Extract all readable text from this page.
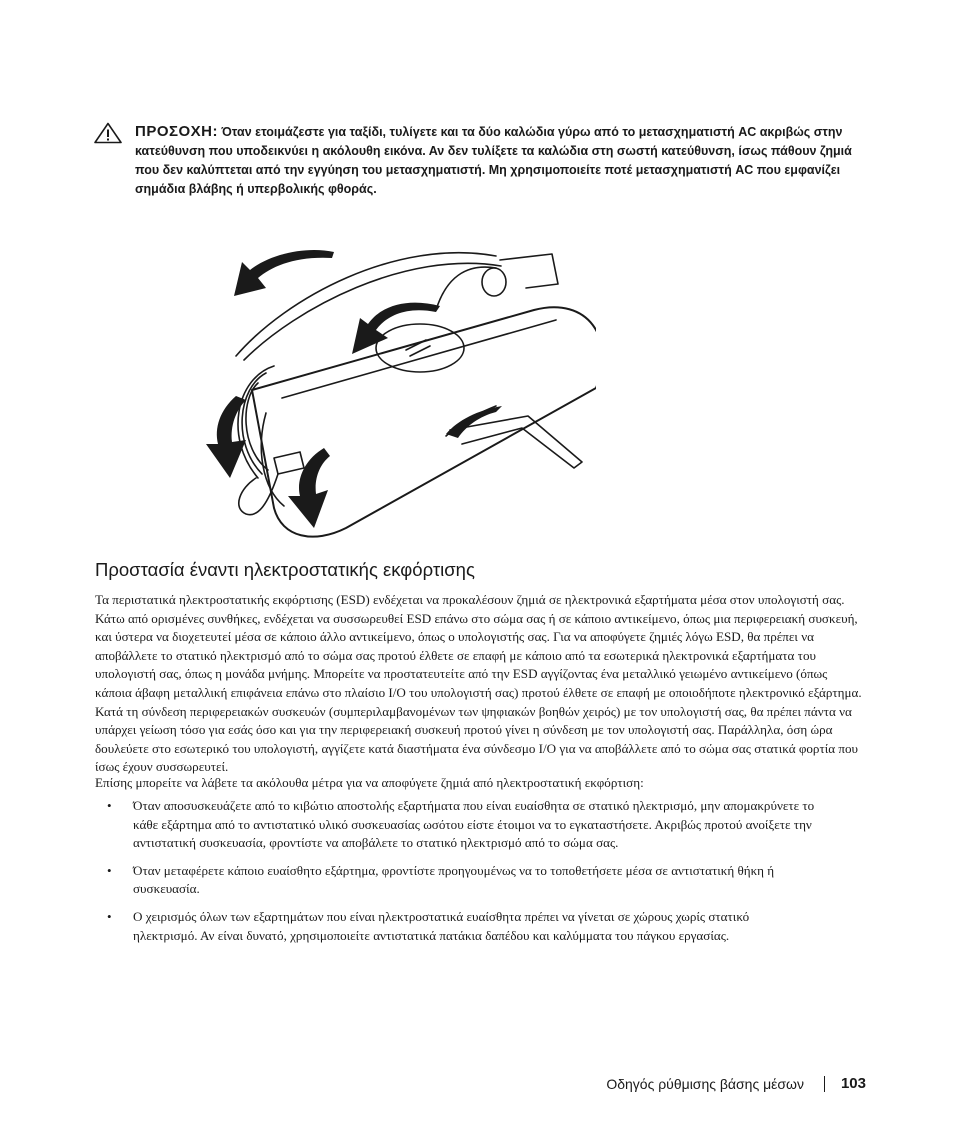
ΠΡΟΣΟΧΗ: Όταν ετοιμάζεστε για ταξίδι, τυλίγετε και τα δύο καλώδια γύρω από το μετασχηματιστή AC ακριβώς στην κατεύθυνση που υποδεικνύει η ακόλουθη εικόνα. Αν δεν τυλίξετε τα καλώδια στη σωστή κατεύθυνση, ίσως πάθουν ζημιά που δεν καλύπτεται από την εγγύηση του μετασχηματιστή. Μη χρησιμοποιείτε ποτέ μετασχηματιστή AC που εμφανίζει σημάδια βλάβης ή υπερβολικής φθοράς.

Προστασία έναντι ηλεκτροστατικής εκφόρτισης

Τα περιστατικά ηλεκτροστατικής εκφόρτισης (ESD) ενδέχεται να προκαλέσουν ζημιά σε ηλεκτρονικά εξαρτήματα μέσα στον υπολογιστή σας. Κάτω από ορισμένες συνθήκες, ενδέχεται να συσσωρευθεί ESD επάνω στο σώμα σας ή σε κάποιο αντικείμενο, όπως μια περιφερειακή συσκευή, και ύστερα να διοχετευτεί μέσα σε κάποιο άλλο αντικείμενο, όπως ο υπολογιστής σας. Για να αποφύγετε ζημιές λόγω ESD, θα πρέπει να αποβάλλετε το στατικό ηλεκτρισμό από το σώμα σας προτού έλθετε σε επαφή με κάποιο από τα εσωτερικά ηλεκτρονικά εξαρτήματα του υπολογιστή σας, όπως η μονάδα μνήμης. Μπορείτε να προστατευτείτε από την ESD αγγίζοντας ένα μεταλλικό γειωμένο αντικείμενο (όπως κάποια άβαφη μεταλλική επιφάνεια επάνω στο πλαίσιο I/O του υπολογιστή σας) προτού έλθετε σε επαφή με οποιοδήποτε ηλεκτρονικό εξάρτημα. Κατά τη σύνδεση περιφερειακών συσκευών (συμπεριλαμβανομένων των ψηφιακών βοηθών χειρός) με τον υπολογιστή σας, θα πρέπει πάντα να υπάρχει γείωση τόσο για εσάς όσο και για την περιφερειακή συσκευή προτού γίνει η σύνδεση με τον υπολογιστή σας. Παράλληλα, όση ώρα δουλεύετε στο εσωτερικό του υπολογιστή, αγγίζετε κατά διαστήματα ένα σύνδεσμο I/O για να αποβάλλετε από το σώμα σας στατικά φορτία που ίσως έχουν συσσωρευτεί.

Επίσης μπορείτε να λάβετε τα ακόλουθα μέτρα για να αποφύγετε ζημιά από ηλεκτροστατική εκφόρτιση:

• Όταν αποσυσκευάζετε από το κιβώτιο αποστολής εξαρτήματα που είναι ευαίσθητα σε στατικό ηλεκτρισμό, μην απομακρύνετε το κάθε εξάρτημα από το αντιστατικό υλικό συσκευασίας ωσότου είστε έτοιμοι να το εγκαταστήσετε. Ακριβώς προτού ανοίξετε την αντιστατική συσκευασία, φροντίστε να αποβάλετε το στατικό ηλεκτρισμό από το σώμα σας.
• Όταν μεταφέρετε κάποιο ευαίσθητο εξάρτημα, φροντίστε προηγουμένως να το τοποθετήσετε μέσα σε αντιστατική θήκη ή συσκευασία.
• Ο χειρισμός όλων των εξαρτημάτων που είναι ηλεκτροστατικά ευαίσθητα πρέπει να γίνεται σε χώρους χωρίς στατικό ηλεκτρισμό. Αν είναι δυνατό, χρησιμοποιείτε αντιστατικά πατάκια δαπέδου και καλύμματα του πάγκου εργασίας.
Οδηγός ρύθμισης βάσης μέσων 103
